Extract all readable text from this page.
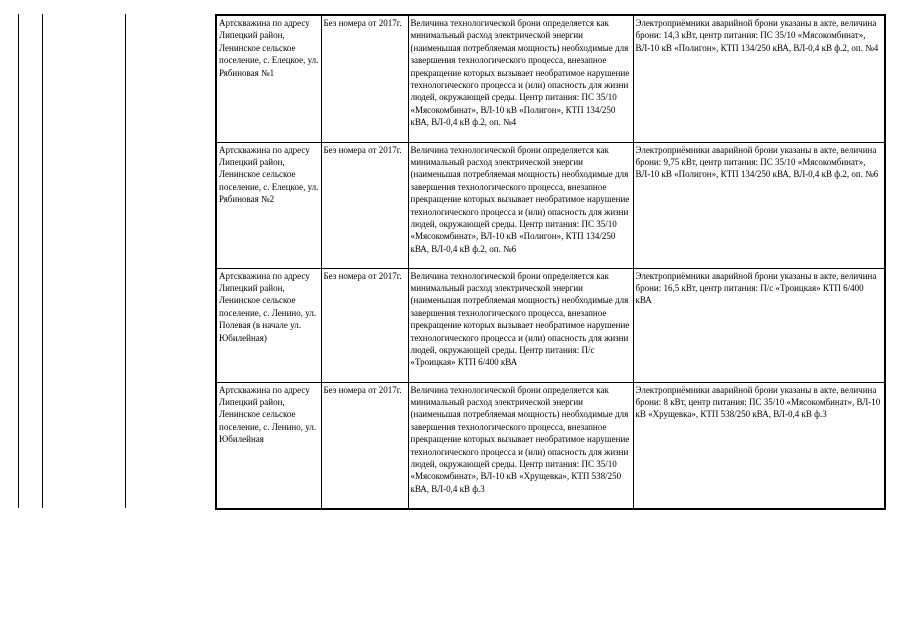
Артскважина по адресу Липецкий район, Ленинское сельское поселение, с. Елецкое, ул. Рябиновая №1	Без номера от 2017г.	Величина технологической брони определяется как минимальный расход электрической энергии (наименьшая потребляемая мощность) необходимые для завершения технологического процесса, внезапное прекращение которых вызывает необратимое нарушение технологического процесса и (или) опасность для жизни людей, окружающей среды. Центр питания: ПС 35/10 «Мясокомбинат», ВЛ-10 кВ «Полигон», КТП 134/250 кВА, ВЛ-0,4 кВ ф.2, оп. №4	Электроприёмники аварийной брони указаны в акте, величина брони: 14,3 кВт, центр питания: ПС 35/10 «Мясокомбинат», ВЛ-10 кВ «Полигон», КТП 134/250 кВА, ВЛ-0,4 кВ ф.2, оп. №4
Артскважина по адресу Липецкий район, Ленинское сельское поселение, с. Елецкое, ул. Рябиновая №2	Без номера от 2017г.	Величина технологической брони определяется как минимальный расход электрической энергии (наименьшая потребляемая мощность) необходимые для завершения технологического процесса, внезапное прекращение которых вызывает необратимое нарушение технологического процесса и (или) опасность для жизни людей, окружающей среды. Центр питания: ПС 35/10 «Мясокомбинат», ВЛ-10 кВ «Полигон», КТП 134/250 кВА, ВЛ-0,4 кВ ф.2, оп. №6	Электроприёмники аварийной брони указаны в акте, величина брони: 9,75 кВт, центр питания: ПС 35/10 «Мясокомбинат», ВЛ-10 кВ «Полигон», КТП 134/250 кВА, ВЛ-0,4 кВ ф.2, оп. №6
Артскважина по адресу Липецкий район, Ленинское сельское поселение, с. Ленино, ул. Полевая (в начале ул. Юбилейная)	Без номера от 2017г.	Величина технологической брони определяется как минимальный расход электрической энергии (наименьшая потребляемая мощность) необходимые для завершения технологического процесса, внезапное прекращение которых вызывает необратимое нарушение технологического процесса и (или) опасность для жизни людей, окружающей среды. Центр питания: П/с «Троицкая» КТП 6/400 кВА	Электроприёмники аварийной брони указаны в акте, величина брони: 16,5 кВт, центр питания: П/с «Троицкая» КТП 6/400 кВА
Артскважина по адресу Липецкий район, Ленинское сельское поселение, с. Ленино, ул. Юбилейная	Без номера от 2017г.	Величина технологической брони определяется как минимальный расход электрической энергии (наименьшая потребляемая мощность) необходимые для завершения технологического процесса, внезапное прекращение которых вызывает необратимое нарушение технологического процесса и (или) опасность для жизни людей, окружающей среды. Центр питания: ПС 35/10 «Мясокомбинат», ВЛ-10 кВ «Хрущевка», КТП 538/250 кВА, ВЛ-0,4 кВ ф.3	Электроприёмники аварийной брони указаны в акте, величина брони: 8 кВт, центр питания: ПС 35/10 «Мясокомбинат», ВЛ-10 кВ «Хрущевка», КТП 538/250 кВА, ВЛ-0,4 кВ ф.3
